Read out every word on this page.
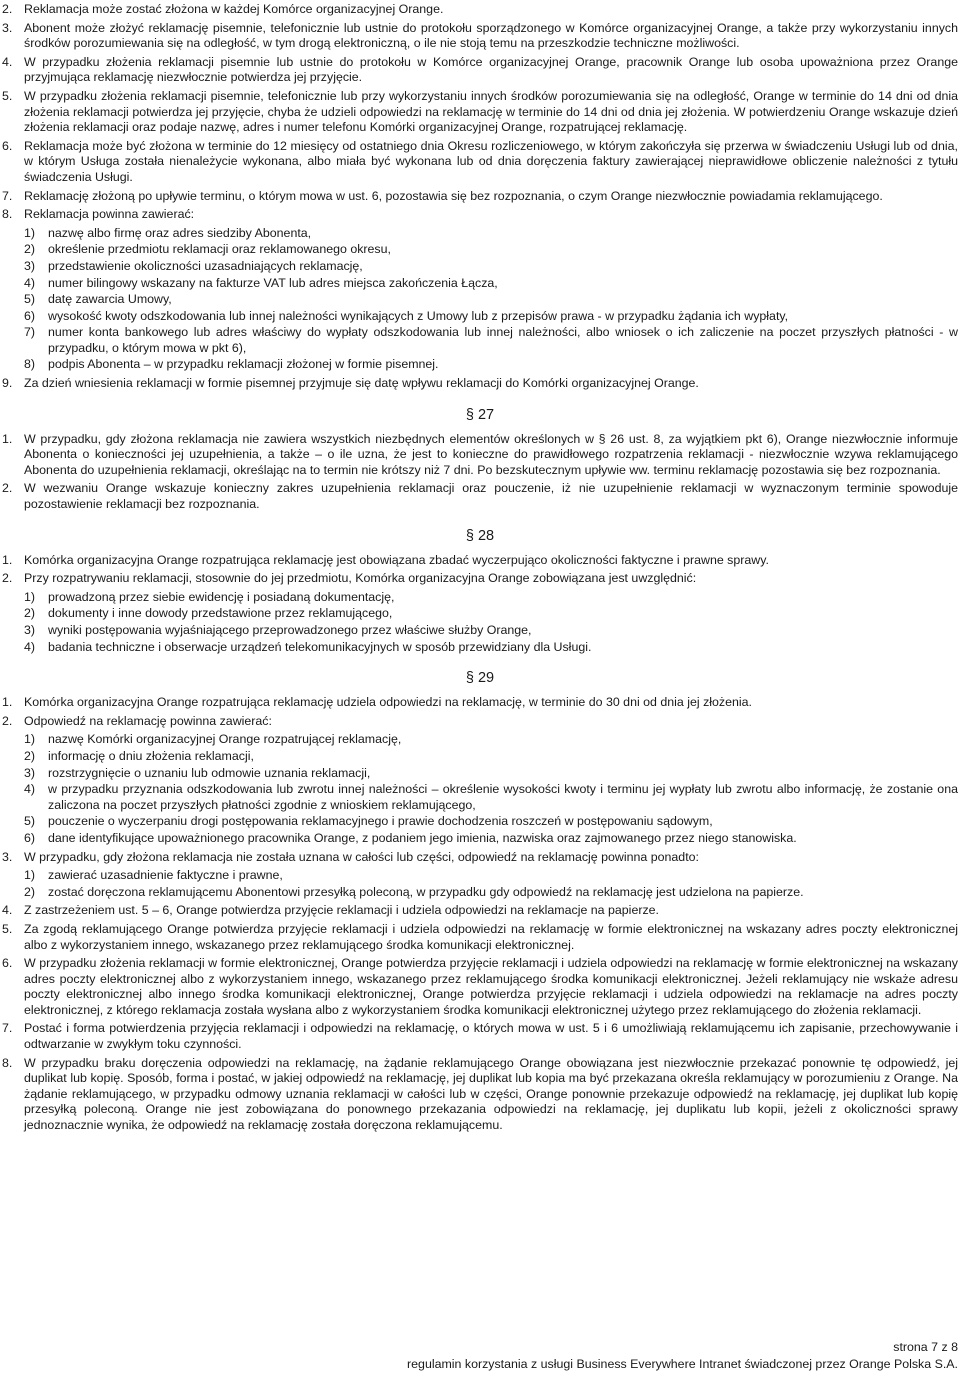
2. Reklamacja może zostać złożona w każdej Komórce organizacyjnej Orange.
3. Abonent może złożyć reklamację pisemnie, telefonicznie lub ustnie do protokołu sporządzonego w Komórce organizacyjnej Orange, a także przy wykorzystaniu innych środków porozumiewania się na odległość, w tym drogą elektroniczną, o ile nie stoją temu na przeszkodzie techniczne możliwości.
4. W przypadku złożenia reklamacji pisemnie lub ustnie do protokołu w Komórce organizacyjnej Orange, pracownik Orange lub osoba upoważniona przez Orange przyjmująca reklamację niezwłocznie potwierdza jej przyjęcie.
5. W przypadku złożenia reklamacji pisemnie, telefonicznie lub przy wykorzystaniu innych środków porozumiewania się na odległość, Orange w terminie do 14 dni od dnia złożenia reklamacji potwierdza jej przyjęcie, chyba że udzieli odpowiedzi na reklamację w terminie do 14 dni od dnia jej złożenia. W potwierdzeniu Orange wskazuje dzień złożenia reklamacji oraz podaje nazwę, adres i numer telefonu Komórki organizacyjnej Orange, rozpatrującej reklamację.
6. Reklamacja może być złożona w terminie do 12 miesięcy od ostatniego dnia Okresu rozliczeniowego, w którym zakończyła się przerwa w świadczeniu Usługi lub od dnia, w którym Usługa została nienależycie wykonana, albo miała być wykonana lub od dnia doręczenia faktury zawierającej nieprawidłowe obliczenie należności z tytułu świadczenia Usługi.
7. Reklamację złożoną po upływie terminu, o którym mowa w ust. 6, pozostawia się bez rozpoznania, o czym Orange niezwłocznie powiadamia reklamującego.
8. Reklamacja powinna zawierać:
1) nazwę albo firmę oraz adres siedziby Abonenta,
2) określenie przedmiotu reklamacji oraz reklamowanego okresu,
3) przedstawienie okoliczności uzasadniających reklamację,
4) numer bilingowy wskazany na fakturze VAT lub adres miejsca zakończenia Łącza,
5) datę zawarcia Umowy,
6) wysokość kwoty odszkodowania lub innej należności wynikających z Umowy lub z przepisów prawa - w przypadku żądania ich wypłaty,
7) numer konta bankowego lub adres właściwy do wypłaty odszkodowania lub innej należności, albo wniosek o ich zaliczenie na poczet przyszłych płatności - w przypadku, o którym mowa w pkt 6),
8) podpis Abonenta – w przypadku reklamacji złożonej w formie pisemnej.
9. Za dzień wniesienia reklamacji w formie pisemnej przyjmuje się datę wpływu reklamacji do Komórki organizacyjnej Orange.
§ 27
1. W przypadku, gdy złożona reklamacja nie zawiera wszystkich niezbędnych elementów określonych w § 26 ust. 8, za wyjątkiem pkt 6), Orange niezwłocznie informuje Abonenta o konieczności jej uzupełnienia, a także – o ile uzna, że jest to konieczne do prawidłowego rozpatrzenia reklamacji - niezwłocznie wzywa reklamującego Abonenta do uzupełnienia reklamacji, określając na to termin nie krótszy niż 7 dni. Po bezskutecznym upływie ww. terminu reklamację pozostawia się bez rozpoznania.
2. W wezwaniu Orange wskazuje konieczny zakres uzupełnienia reklamacji oraz pouczenie, iż nie uzupełnienie reklamacji w wyznaczonym terminie spowoduje pozostawienie reklamacji bez rozpoznania.
§ 28
1. Komórka organizacyjna Orange rozpatrująca reklamację jest obowiązana zbadać wyczerpująco okoliczności faktyczne i prawne sprawy.
2. Przy rozpatrywaniu reklamacji, stosownie do jej przedmiotu, Komórka organizacyjna Orange zobowiązana jest uwzględnić:
1) prowadzoną przez siebie ewidencję i posiadaną dokumentację,
2) dokumenty i inne dowody przedstawione przez reklamującego,
3) wyniki postępowania wyjaśniającego przeprowadzonego przez właściwe służby Orange,
4) badania techniczne i obserwacje urządzeń telekomunikacyjnych w sposób przewidziany dla Usługi.
§ 29
1. Komórka organizacyjna Orange rozpatrująca reklamację udziela odpowiedzi na reklamację, w terminie do 30 dni od dnia jej złożenia.
2. Odpowiedź na reklamację powinna zawierać:
1) nazwę Komórki organizacyjnej Orange rozpatrującej reklamację,
2) informację o dniu złożenia reklamacji,
3) rozstrzygnięcie o uznaniu lub odmowie uznania reklamacji,
4) w przypadku przyznania odszkodowania lub zwrotu innej należności – określenie wysokości kwoty i terminu jej wypłaty lub zwrotu albo informację, że zostanie ona zaliczona na poczet przyszłych płatności zgodnie z wnioskiem reklamującego,
5) pouczenie o wyczerpaniu drogi postępowania reklamacyjnego i prawie dochodzenia roszczeń w postępowaniu sądowym,
6) dane identyfikujące upoważnionego pracownika Orange, z podaniem jego imienia, nazwiska oraz zajmowanego przez niego stanowiska.
3. W przypadku, gdy złożona reklamacja nie została uznana w całości lub części, odpowiedź na reklamację powinna ponadto:
1) zawierać uzasadnienie faktyczne i prawne,
2) zostać doręczona reklamującemu Abonentowi przesyłką poleconą, w przypadku gdy odpowiedź na reklamację jest udzielona na papierze.
4. Z zastrzeżeniem ust. 5 – 6, Orange potwierdza przyjęcie reklamacji i udziela odpowiedzi na reklamacje na papierze.
5. Za zgodą reklamującego Orange potwierdza przyjęcie reklamacji i udziela odpowiedzi na reklamację w formie elektronicznej na wskazany adres poczty elektronicznej albo z wykorzystaniem innego, wskazanego przez reklamującego środka komunikacji elektronicznej.
6. W przypadku złożenia reklamacji w formie elektronicznej, Orange potwierdza przyjęcie reklamacji i udziela odpowiedzi na reklamację w formie elektronicznej na wskazany adres poczty elektronicznej albo z wykorzystaniem innego, wskazanego przez reklamującego środka komunikacji elektronicznej. Jeżeli reklamujący nie wskaże adresu poczty elektronicznej albo innego środka komunikacji elektronicznej, Orange potwierdza przyjęcie reklamacji i udziela odpowiedzi na reklamacje na adres poczty elektronicznej, z którego reklamacja została wysłana albo z wykorzystaniem środka komunikacji elektronicznej użytego przez reklamującego do złożenia reklamacji.
7. Postać i forma potwierdzenia przyjęcia reklamacji i odpowiedzi na reklamację, o których mowa w ust. 5 i 6 umożliwiają reklamującemu ich zapisanie, przechowywanie i odtwarzanie w zwykłym toku czynności.
8. W przypadku braku doręczenia odpowiedzi na reklamację, na żądanie reklamującego Orange obowiązana jest niezwłocznie przekazać ponownie tę odpowiedź, jej duplikat lub kopię. Sposób, forma i postać, w jakiej odpowiedź na reklamację, jej duplikat lub kopia ma być przekazana określa reklamujący w porozumieniu z Orange. Na żądanie reklamującego, w przypadku odmowy uznania reklamacji w całości lub w części, Orange ponownie przekazuje odpowiedź na reklamację, jej duplikat lub kopię przesyłką poleconą. Orange nie jest zobowiązana do ponownego przekazania odpowiedzi na reklamację, jej duplikatu lub kopii, jeżeli z okoliczności sprawy jednoznacznie wynika, że odpowiedź na reklamację została doręczona reklamującemu.
strona 7 z 8
regulamin korzystania z usługi Business Everywhere Intranet świadczonej przez Orange Polska S.A.
